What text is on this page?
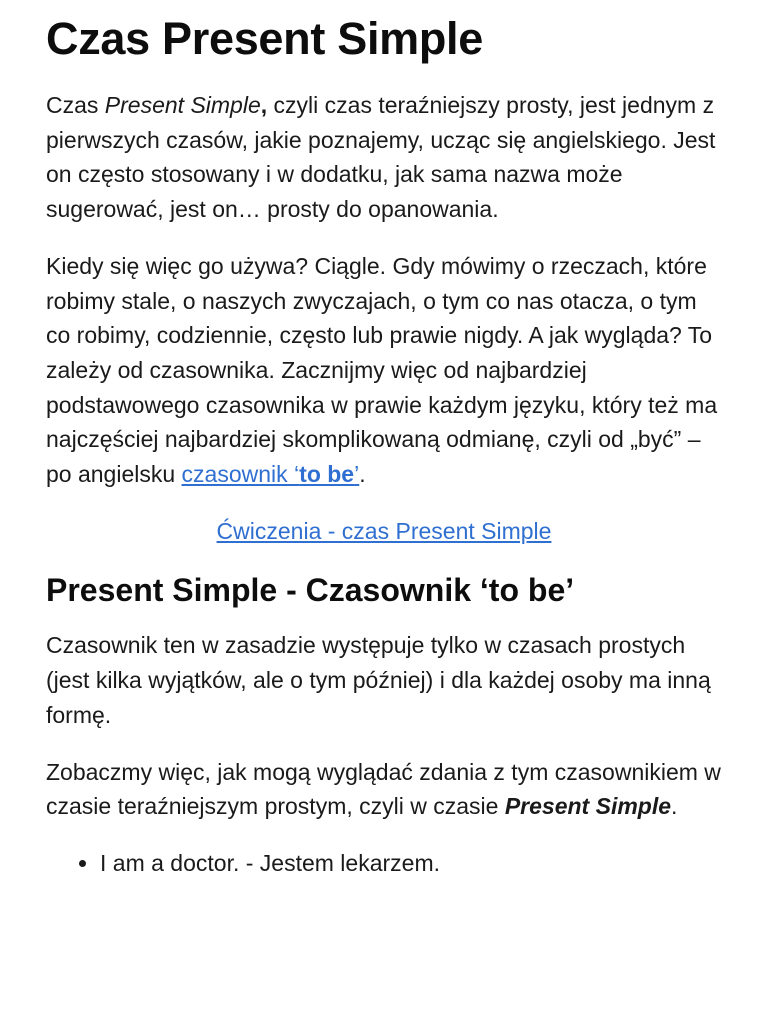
Czas Present Simple

Czas Present Simple, czyli czas teraźniejszy prosty, jest jednym z pierwszych czasów, jakie poznajemy, ucząc się angielskiego. Jest on często stosowany i w dodatku, jak sama nazwa może sugerować, jest on… prosty do opanowania.

Kiedy się więc go używa? Ciągle. Gdy mówimy o rzeczach, które robimy stale, o naszych zwyczajach, o tym co nas otacza, o tym co robimy, codziennie, często lub prawie nigdy. A jak wygląda? To zależy od czasownika. Zacznijmy więc od najbardziej podstawowego czasownika w prawie każdym języku, który też ma najczęściej najbardziej skomplikowaną odmianę, czyli od „być” – po angielsku czasownik ‘to be’.

Ćwiczenia - czas Present Simple

Present Simple - Czasownik ‘to be’

Czasownik ten w zasadzie występuje tylko w czasach prostych (jest kilka wyjątków, ale o tym później) i dla każdej osoby ma inną formę.

Zobaczmy więc, jak mogą wyglądać zdania z tym czasownikiem w czasie teraźniejszym prostym, czyli w czasie Present Simple.

• I am a doctor. - Jestem lekarzem.
